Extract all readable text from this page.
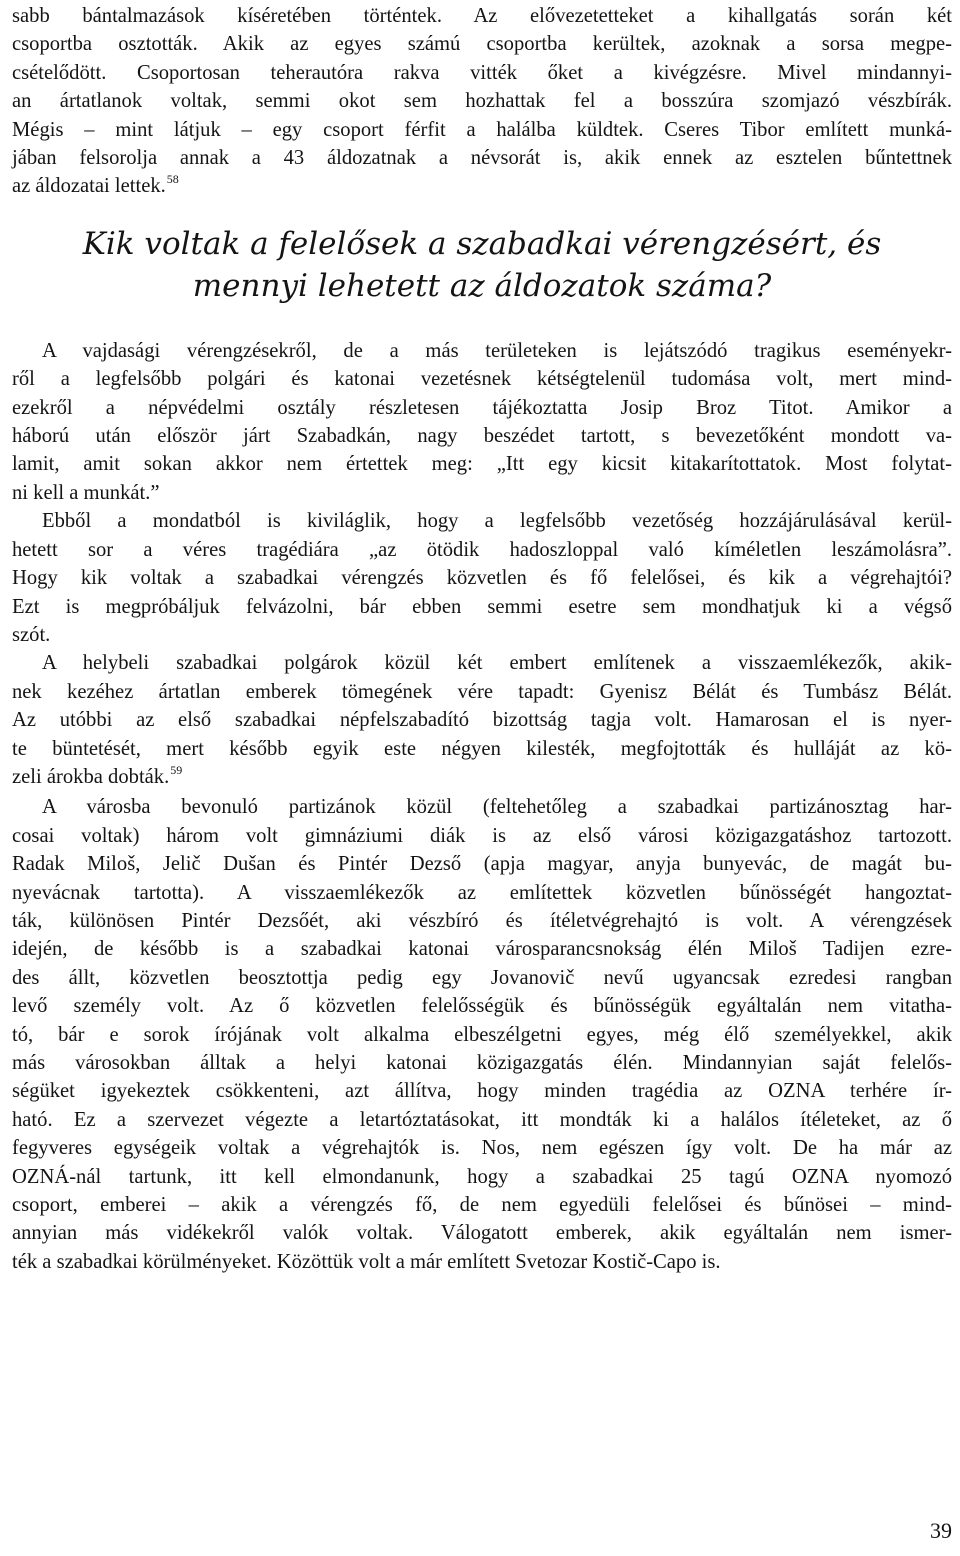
sabb bántalmazások kíséretében történtek. Az elővezetetteket a kihallgatás során két
csoportba osztották. Akik az egyes számú csoportba kerültek, azoknak a sorsa megpe-
csételődött. Csoportosan teherautóra rakva vitték őket a kivégzésre. Mivel mindannyi-
an ártatlanok voltak, semmi okot sem hozhattak fel a bosszúra szomjazó vészbírák.
Mégis – mint látjuk – egy csoport férfit a halálba küldtek. Cseres Tibor említett munká-
jában felsorolja annak a 43 áldozatnak a névsorát is, akik ennek az esztelen bűntettnek
az áldozatai lettek.$^{58}$
Kik voltak a felelősek a szabadkai vérengzésért, és
mennyi lehetett az áldozatok száma?
A vajdasági vérengzésekről, de a más területeken is lejátszódó tragikus eseményekr-
ről a legfelsőbb polgári és katonai vezetésnek kétségtelenül tudomása volt, mert mind-
ezekről a népvédelmi osztály részletesen tájékoztatta Josip Broz Titot. Amikor a
háború után először járt Szabadkán, nagy beszédet tartott, s bevezetőként mondott va-
lamit, amit sokan akkor nem értettek meg: „Itt egy kicsit kitakarítottatok. Most folytat-
ni kell a munkát.”
Ebből a mondatból is kiviláglik, hogy a legfelsőbb vezetőség hozzájárulásával kerül-
hetett sor a véres tragédiára „az ötödik hadoszloppal való kíméletlen leszámolásra”.
Hogy kik voltak a szabadkai vérengzés közvetlen és fő felelősei, és kik a végrehajtói?
Ezt is megpróbáljuk felvázolni, bár ebben semmi esetre sem mondhatjuk ki a végső
szót.
A helybeli szabadkai polgárok közül két embert említenek a visszaemlékezők, akik-
nek kezéhez ártatlan emberek tömegének vére tapadt: Gyenisz Bélát és Tumbász Bélát.
Az utóbbi az első szabadkai népfelszabadító bizottság tagja volt. Hamarosan el is nyer-
te büntetését, mert később egyik este négyen kilesték, megfojtották és hulláját az kö-
zeli árokba dobták.$^{59}$
A városba bevonuló partizánok közül (feltehetőleg a szabadkai partizánosztag har-
cosai voltak) három volt gimnáziumi diák is az első városi közigazgatáshoz tartozott.
Radak Miloš, Jelič Dušan és Pintér Dezső (apja magyar, anyja bunyevác, de magát bu-
nyevácnak tartotta). A visszaemlékezők az említettek közvetlen bűnösségét hangoztat-
ták, különösen Pintér Dezsőét, aki vészbíró és ítéletvégrehajtó is volt. A vérengzések
idején, de később is a szabadkai katonai városparancsnokság élén Miloš Tadijen ezre-
des állt, közvetlen beosztottja pedig egy Jovanovič nevű ugyancsak ezredesi rangban
levő személy volt. Az ő közvetlen felelősségük és bűnösségük egyáltalán nem vitatha-
tó, bár e sorok írójának volt alkalma elbeszélgetni egyes, még élő személyekkel, akik
más városokban álltak a helyi katonai közigazgatás élén. Mindannyian saját felelős-
ségüket igyekeztek csökkenteni, azt állítva, hogy minden tragédia az OZNA terhére ír-
ható. Ez a szervezet végezte a letartóztatásokat, itt mondták ki a halálos ítéleteket, az ő
fegyveres egységeik voltak a végrehajtók is. Nos, nem egészen így volt. De ha már az
OZNÁ-nál tartunk, itt kell elmondanunk, hogy a szabadkai 25 tagú OZNA nyomozó
csoport, emberei – akik a vérengzés fő, de nem egyedüli felelősei és bűnösei – mind-
annyian más vidékekről valók voltak. Válogatott emberek, akik egyáltalán nem ismer-
ték a szabadkai körülményeket. Közöttük volt a már említett Svetozar Kostič-Capo is.
39
